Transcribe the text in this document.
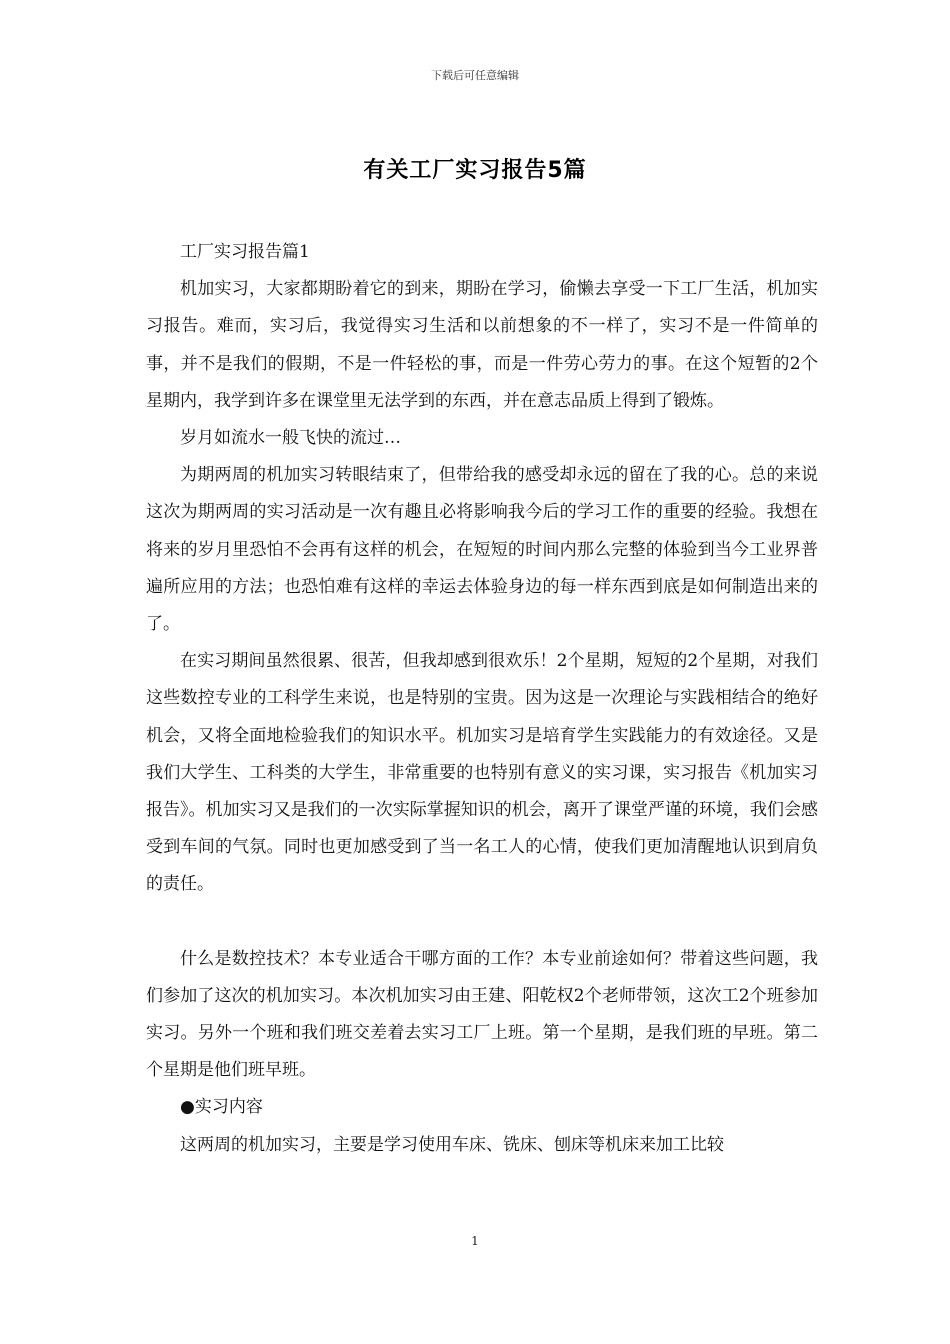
下载后可任意编辑
有关工厂实习报告5篇

工厂实习报告篇1

机加实习，大家都期盼着它的到来，期盼在学习，偷懒去享受一下工厂生活，机加实习报告。难而，实习后，我觉得实习生活和以前想象的不一样了，实习不是一件简单的事，并不是我们的假期，不是一件轻松的事，而是一件劳心劳力的事。在这个短暂的2个星期内，我学到许多在课堂里无法学到的东西，并在意志品质上得到了锻炼。

岁月如流水一般飞快的流过…

为期两周的机加实习转眼结束了，但带给我的感受却永远的留在了我的心。总的来说这次为期两周的实习活动是一次有趣且必将影响我今后的学习工作的重要的经验。我想在将来的岁月里恐怕不会再有这样的机会，在短短的时间内那么完整的体验到当今工业界普遍所应用的方法；也恐怕难有这样的幸运去体验身边的每一样东西到底是如何制造出来的了。

在实习期间虽然很累、很苦，但我却感到很欢乐！2个星期，短短的2个星期，对我们这些数控专业的工科学生来说，也是特别的宝贵。因为这是一次理论与实践相结合的绝好机会，又将全面地检验我们的知识水平。机加实习是培育学生实践能力的有效途径。又是我们大学生、工科类的大学生，非常重要的也特别有意义的实习课，实习报告《机加实习报告》。机加实习又是我们的一次实际掌握知识的机会，离开了课堂严谨的环境，我们会感受到车间的气氛。同时也更加感受到了当一名工人的心情，使我们更加清醒地认识到肩负的责任。

什么是数控技术？本专业适合干哪方面的工作？本专业前途如何？带着这些问题，我们参加了这次的机加实习。本次机加实习由王建、阳乾权2个老师带领，这次工2个班参加实习。另外一个班和我们班交差着去实习工厂上班。第一个星期，是我们班的早班。第二个星期是他们班早班。

●实习内容

这两周的机加实习，主要是学习使用车床、铣床、刨床等机床来加工比较

1
